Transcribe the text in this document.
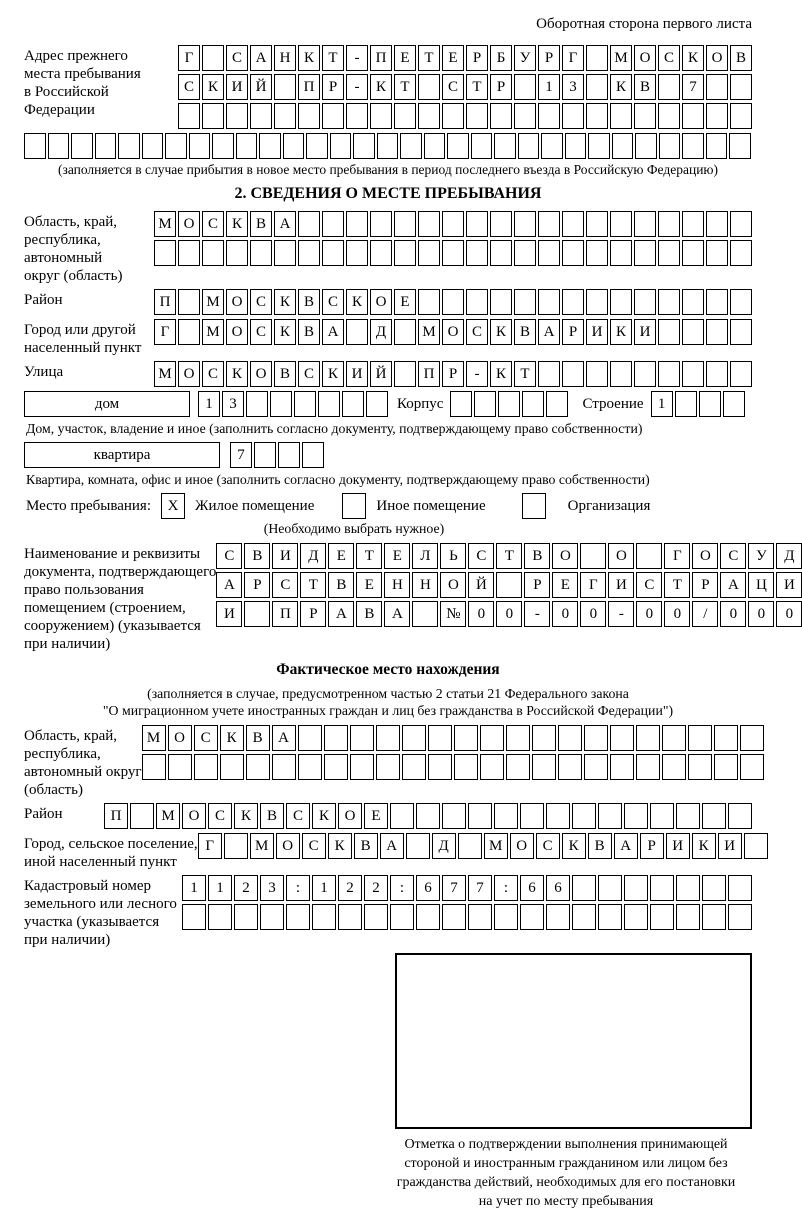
Оборотная сторона первого листа
Адрес прежнего
места пребывания
в Российской
Федерации
Г	С А Н К Т	-	П Е Т Е	Р	Б У Р	Г	М О С К О В
С К И Й	П Р	-	К Т	С Т	Р	1	3	К В	7
(заполняется в случае прибытия в новое место пребывания в период последнего въезда в Российскую Федерацию)
2. СВЕДЕНИЯ О МЕСТЕ ПРЕБЫВАНИЯ
Область, край,
республика,
автономный
округ (область)
М О С К В А
Район	П	М О С К В С К О Е
Город или другой
населенный пункт
Г	М О С К В А	Д	М О С К В А Р И К И
Улица	М О С К О В С К И Й	П Р	-	К Т
дом	1	3	Корпус	Строение 1
Дом, участок, владение и иное (заполнить согласно документу, подтверждающему право собственности)
квартира	7
Квартира, комната, офис и иное (заполнить согласно документу, подтверждающему право собственности)
Место пребывания:	X	Жилое помещение	Иное помещение	Организация
(Необходимо выбрать нужное)
Наименование и реквизиты
документа, подтверждающего
право пользования
помещением (строением,
сооружением) (указывается
при наличии)
С	В	И	Д	Е	Т	Е	Л	Ь	С	Т	В	О	О	Г	О	С	У	Д
А	Р	С	Т	В	Е	Н	Н	О	Й	Р	Е	Г	И	С	Т	Р	А	Ц	И
И	П	Р	А	В	А	№	0	0	-	0	0	-	0	0	/	0	0	0
Фактическое место нахождения
(заполняется в случае, предусмотренном частью 2 статьи 21 Федерального закона
"О миграционном учете иностранных граждан и лиц без гражданства в Российской Федерации")
Область, край,
республика,
автономный округ
(область)
М О	С	К	В	А
Район	П	М О	С	К	В	С	К	О	Е
Город, сельское поселение,
иной населенный пункт
Г	М О	С	К	В	А	Д	М О	С	К	В	А	Р	И	К	И
Кадастровый номер
земельного или лесного
участка (указывается
при наличии)
1	1	2	3	:	1	2	2	:	6	7	7	:	6	6
Отметка о подтверждении выполнения принимающей
стороной и иностранным гражданином или лицом без
гражданства действий, необходимых для его постановки
на учет по месту пребывания
